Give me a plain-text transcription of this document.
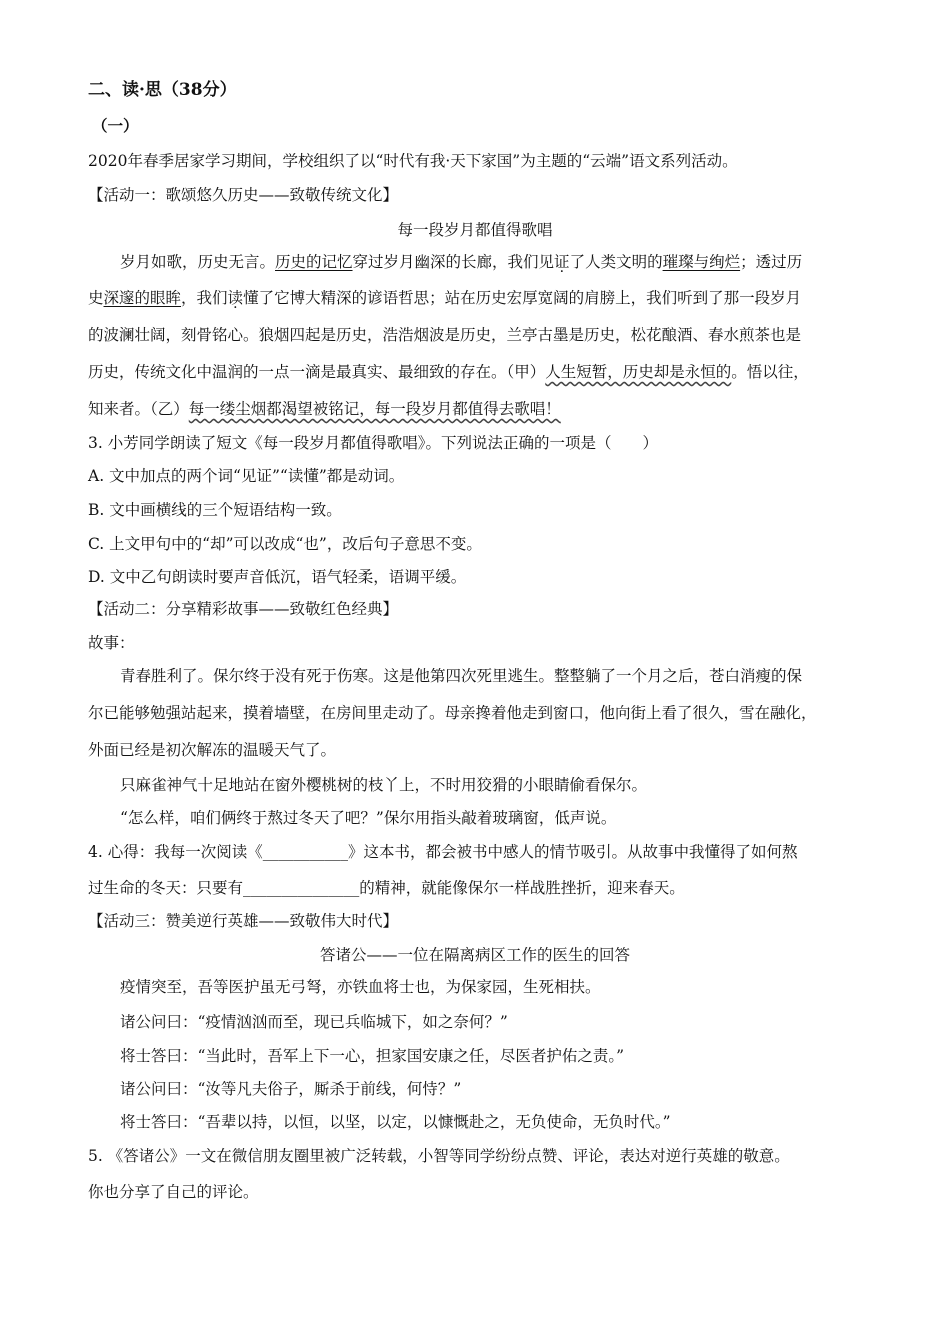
二、读·思（38分）
（一）
2020年春季居家学习期间，学校组织了以“时代有我·天下家国”为主题的“云端”语文系列活动。
【活动一：歌颂悠久历史——致敬传统文化】
每一段岁月都值得歌唱
岁月如歌，历史无言。历史的记忆穿过岁月幽深的长廊，我们见证了人类文明的璀璨与绚烂；透过历
史深邃的眼眸，我们读懂了它博大精深的谚语哲思；站在历史宏厚宽阔的肩膀上，我们听到了那一段岁月
的波澜壮阔，刻骨铭心。狼烟四起是历史，浩浩烟波是历史，兰亭古墨是历史，松花酿酒、春水煎茶也是
历史，传统文化中温润的一点一滴是最真实、最细致的存在。（甲）人生短暂，历史却是永恒的。悟以往，
知来者。（乙）每一缕尘烟都渴望被铭记，每一段岁月都值得去歌唱！
3. 小芳同学朗读了短文《每一段岁月都值得歌唱》。下列说法正确的一项是（　　）
A. 文中加点的两个词“见证”“读懂”都是动词。
B. 文中画横线的三个短语结构一致。
C. 上文甲句中的“却”可以改成“也”，改后句子意思不变。
D. 文中乙句朗读时要声音低沉，语气轻柔，语调平缓。
【活动二：分享精彩故事——致敬红色经典】
故事：
青春胜利了。保尔终于没有死于伤寒。这是他第四次死里逃生。整整躺了一个月之后，苍白消瘦的保
尔已能够勉强站起来，摸着墙壁，在房间里走动了。母亲搀着他走到窗口，他向街上看了很久，雪在融化，
外面已经是初次解冻的温暖天气了。
只麻雀神气十足地站在窗外樱桃树的枝丫上，不时用狡猾的小眼睛偷看保尔。
“怎么样，咱们俩终于熬过冬天了吧？”保尔用指头敲着玻璃窗，低声说。
4. 心得：我每一次阅读《___________》这本书，都会被书中感人的情节吸引。从故事中我懂得了如何熬
过生命的冬天：只要有_______________的精神，就能像保尔一样战胜挫折，迎来春天。
【活动三：赞美逆行英雄——致敬伟大时代】
答诸公——一位在隔离病区工作的医生的回答
疫情突至，吾等医护虽无弓弩，亦铁血将士也，为保家园，生死相扶。
诸公问曰：“疫情汹汹而至，现已兵临城下，如之奈何？”
将士答曰：“当此时，吾军上下一心，担家国安康之任，尽医者护佑之责。”
诸公问曰：“汝等凡夫俗子，厮杀于前线，何恃？”
将士答曰：“吾辈以持，以恒，以坚，以定，以慷慨赴之，无负使命，无负时代。”
5. 《答诸公》一文在微信朋友圈里被广泛转载，小智等同学纷纷点赞、评论，表达对逆行英雄的敬意。
你也分享了自己的评论。
